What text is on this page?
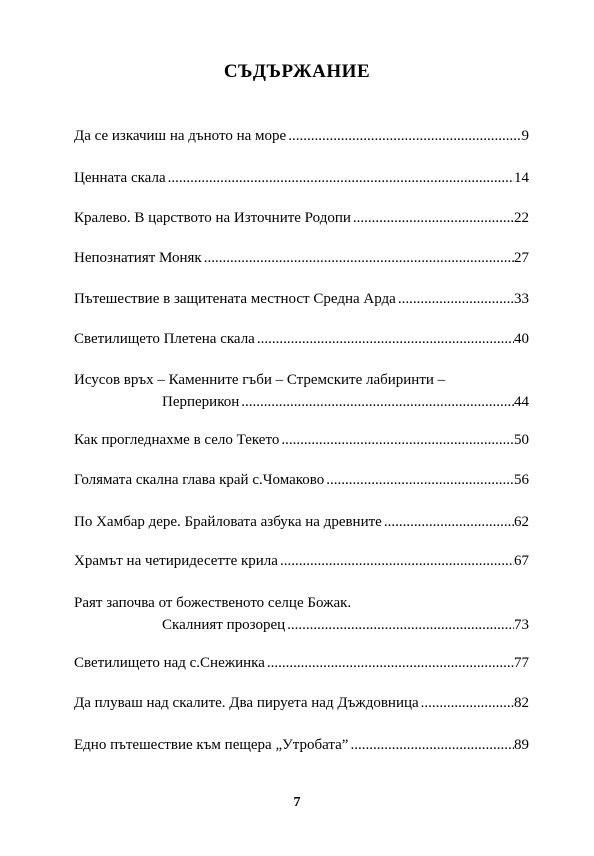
СЪДЪРЖАНИЕ
Да се изкачиш на дъното на море .....	9
Ценната скала .....	14
Кралево. В царството на Източните Родопи .....	22
Непознатият Моняк .....	27
Пътешествие в защитената местност Средна Арда .....	33
Светилището Плетена скала .....	40
Исусов връх – Каменните гъби – Стремските лабиринти –
Перперикон .....	44
Как прогледнахме в село Текето .....	50
Голямата скална глава край с.Чомаково .....	56
По Хамбар дере. Брайловата азбука на древните .....	62
Храмът на четиридесетте крила .....	67
Раят започва от божественото селце Божак.
Скалният прозорец .....	73
Светилището над с.Снежинка .....	77
Да плуваш над скалите. Два пируета над Дъждовница .....	82
Едно пътешествие към пещера „Утробата” .....	89
7
